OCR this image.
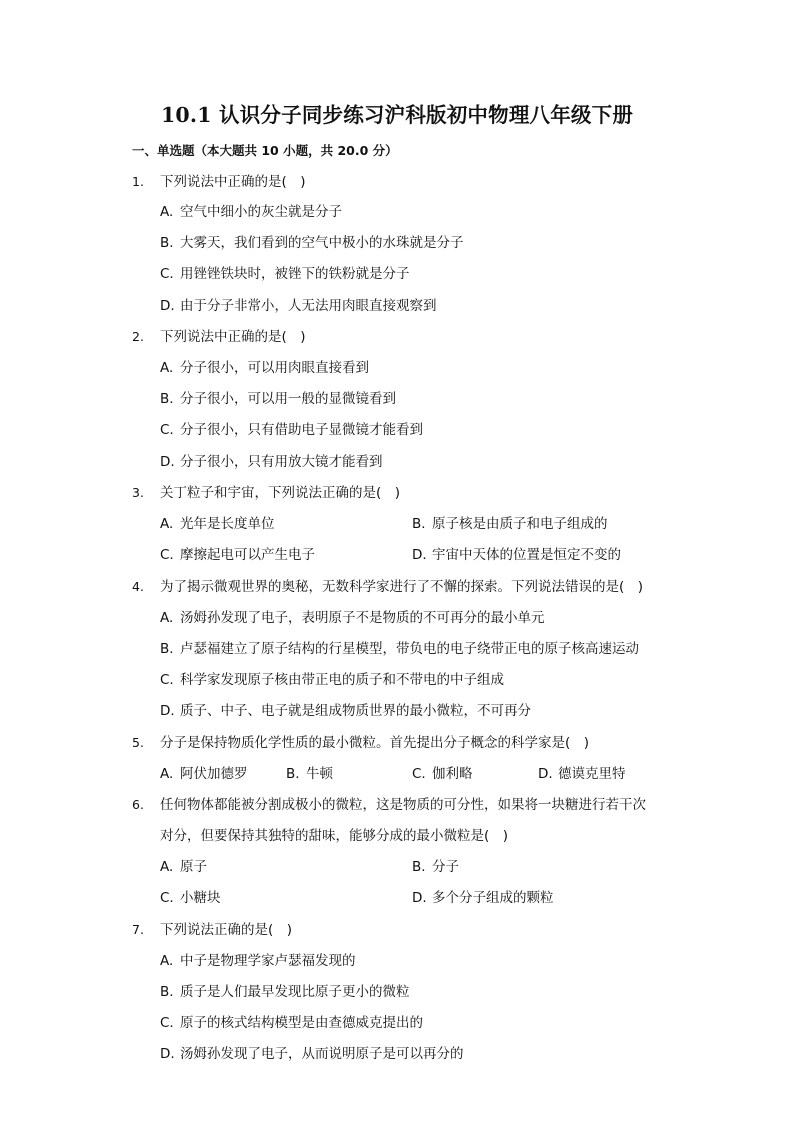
10.1 认识分子同步练习沪科版初中物理八年级下册
一、单选题（本大题共 10 小题，共 20.0 分）
1. 下列说法中正确的是(　)
A. 空气中细小的灰尘就是分子
B. 大雾天，我们看到的空气中极小的水珠就是分子
C. 用锉锉铁块时，被锉下的铁粉就是分子
D. 由于分子非常小，人无法用肉眼直接观察到
2. 下列说法中正确的是(　)
A. 分子很小，可以用肉眼直接看到
B. 分子很小，可以用一般的显微镜看到
C. 分子很小，只有借助电子显微镜才能看到
D. 分子很小，只有用放大镜才能看到
3. 关丁粒子和宇宙，下列说法正确的是(　)
A. 光年是长度单位	B. 原子核是由质子和电子组成的
C. 摩擦起电可以产生电子	D. 宇宙中天体的位置是恒定不变的
4. 为了揭示微观世界的奥秘，无数科学家进行了不懈的探索。下列说法错误的是(　)
A. 汤姆孙发现了电子，表明原子不是物质的不可再分的最小单元
B. 卢瑟福建立了原子结构的行星模型，带负电的电子绕带正电的原子核高速运动
C. 科学家发现原子核由带正电的质子和不带电的中子组成
D. 质子、中子、电子就是组成物质世界的最小微粒，不可再分
5. 分子是保持物质化学性质的最小微粒。首先提出分子概念的科学家是(　)
A. 阿伏加德罗	B. 牛顿	C. 伽利略	D. 德谟克里特
6. 任何物体都能被分割成极小的微粒，这是物质的可分性，如果将一块糖进行若干次
对分，但要保持其独特的甜味，能够分成的最小微粒是(　)
A. 原子	B. 分子
C. 小糖块	D. 多个分子组成的颗粒
7. 下列说法正确的是(　)
A. 中子是物理学家卢瑟福发现的
B. 质子是人们最早发现比原子更小的微粒
C. 原子的核式结构模型是由查德威克提出的
D. 汤姆孙发现了电子，从而说明原子是可以再分的
